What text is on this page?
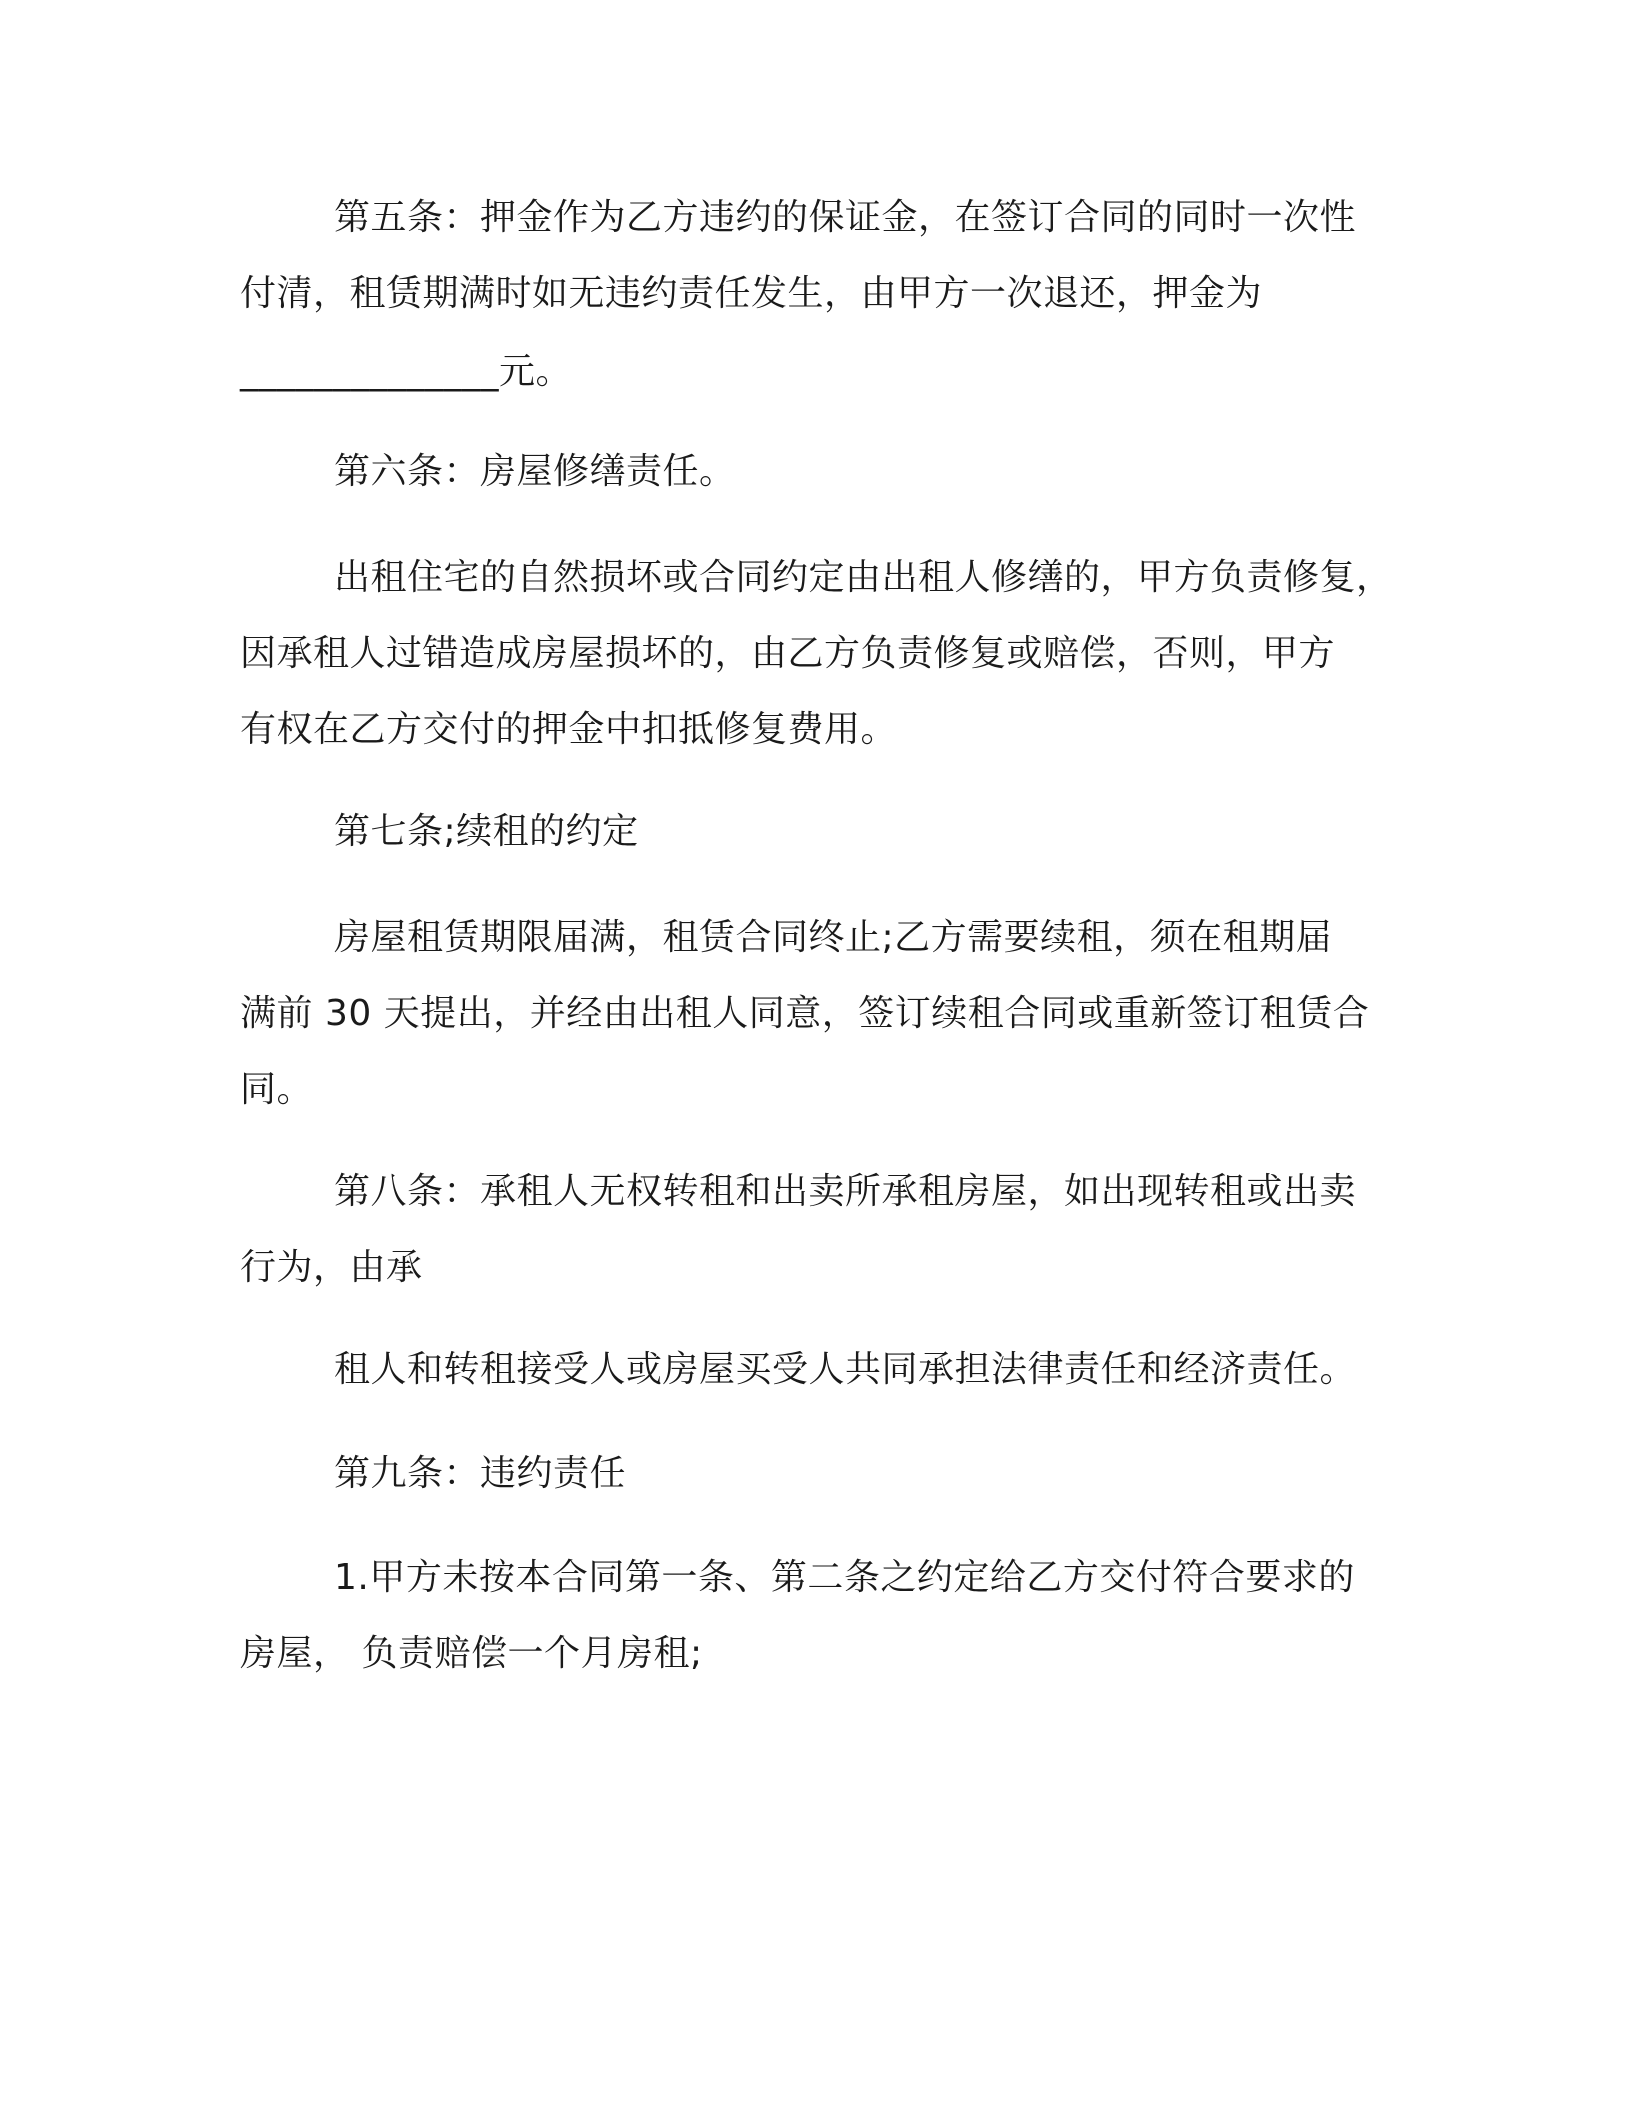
第五条：押金作为乙方违约的保证金，在签订合同的同时一次性
付清，租赁期满时如无违约责任发生，由甲方一次退还，押金为
______________元。
第六条：房屋修缮责任。
出租住宅的自然损坏或合同约定由出租人修缮的，甲方负责修复，
因承租人过错造成房屋损坏的，由乙方负责修复或赔偿，否则，甲方
有权在乙方交付的押金中扣抵修复费用。
第七条;续租的约定
房屋租赁期限届满，租赁合同终止;乙方需要续租，须在租期届
满前 30 天提出，并经由出租人同意，签订续租合同或重新签订租赁合
同。
第八条：承租人无权转租和出卖所承租房屋，如出现转租或出卖
行为，由承
租人和转租接受人或房屋买受人共同承担法律责任和经济责任。
第九条：违约责任
1.甲方未按本合同第一条、第二条之约定给乙方交付符合要求的
房屋， 负责赔偿一个月房租;
